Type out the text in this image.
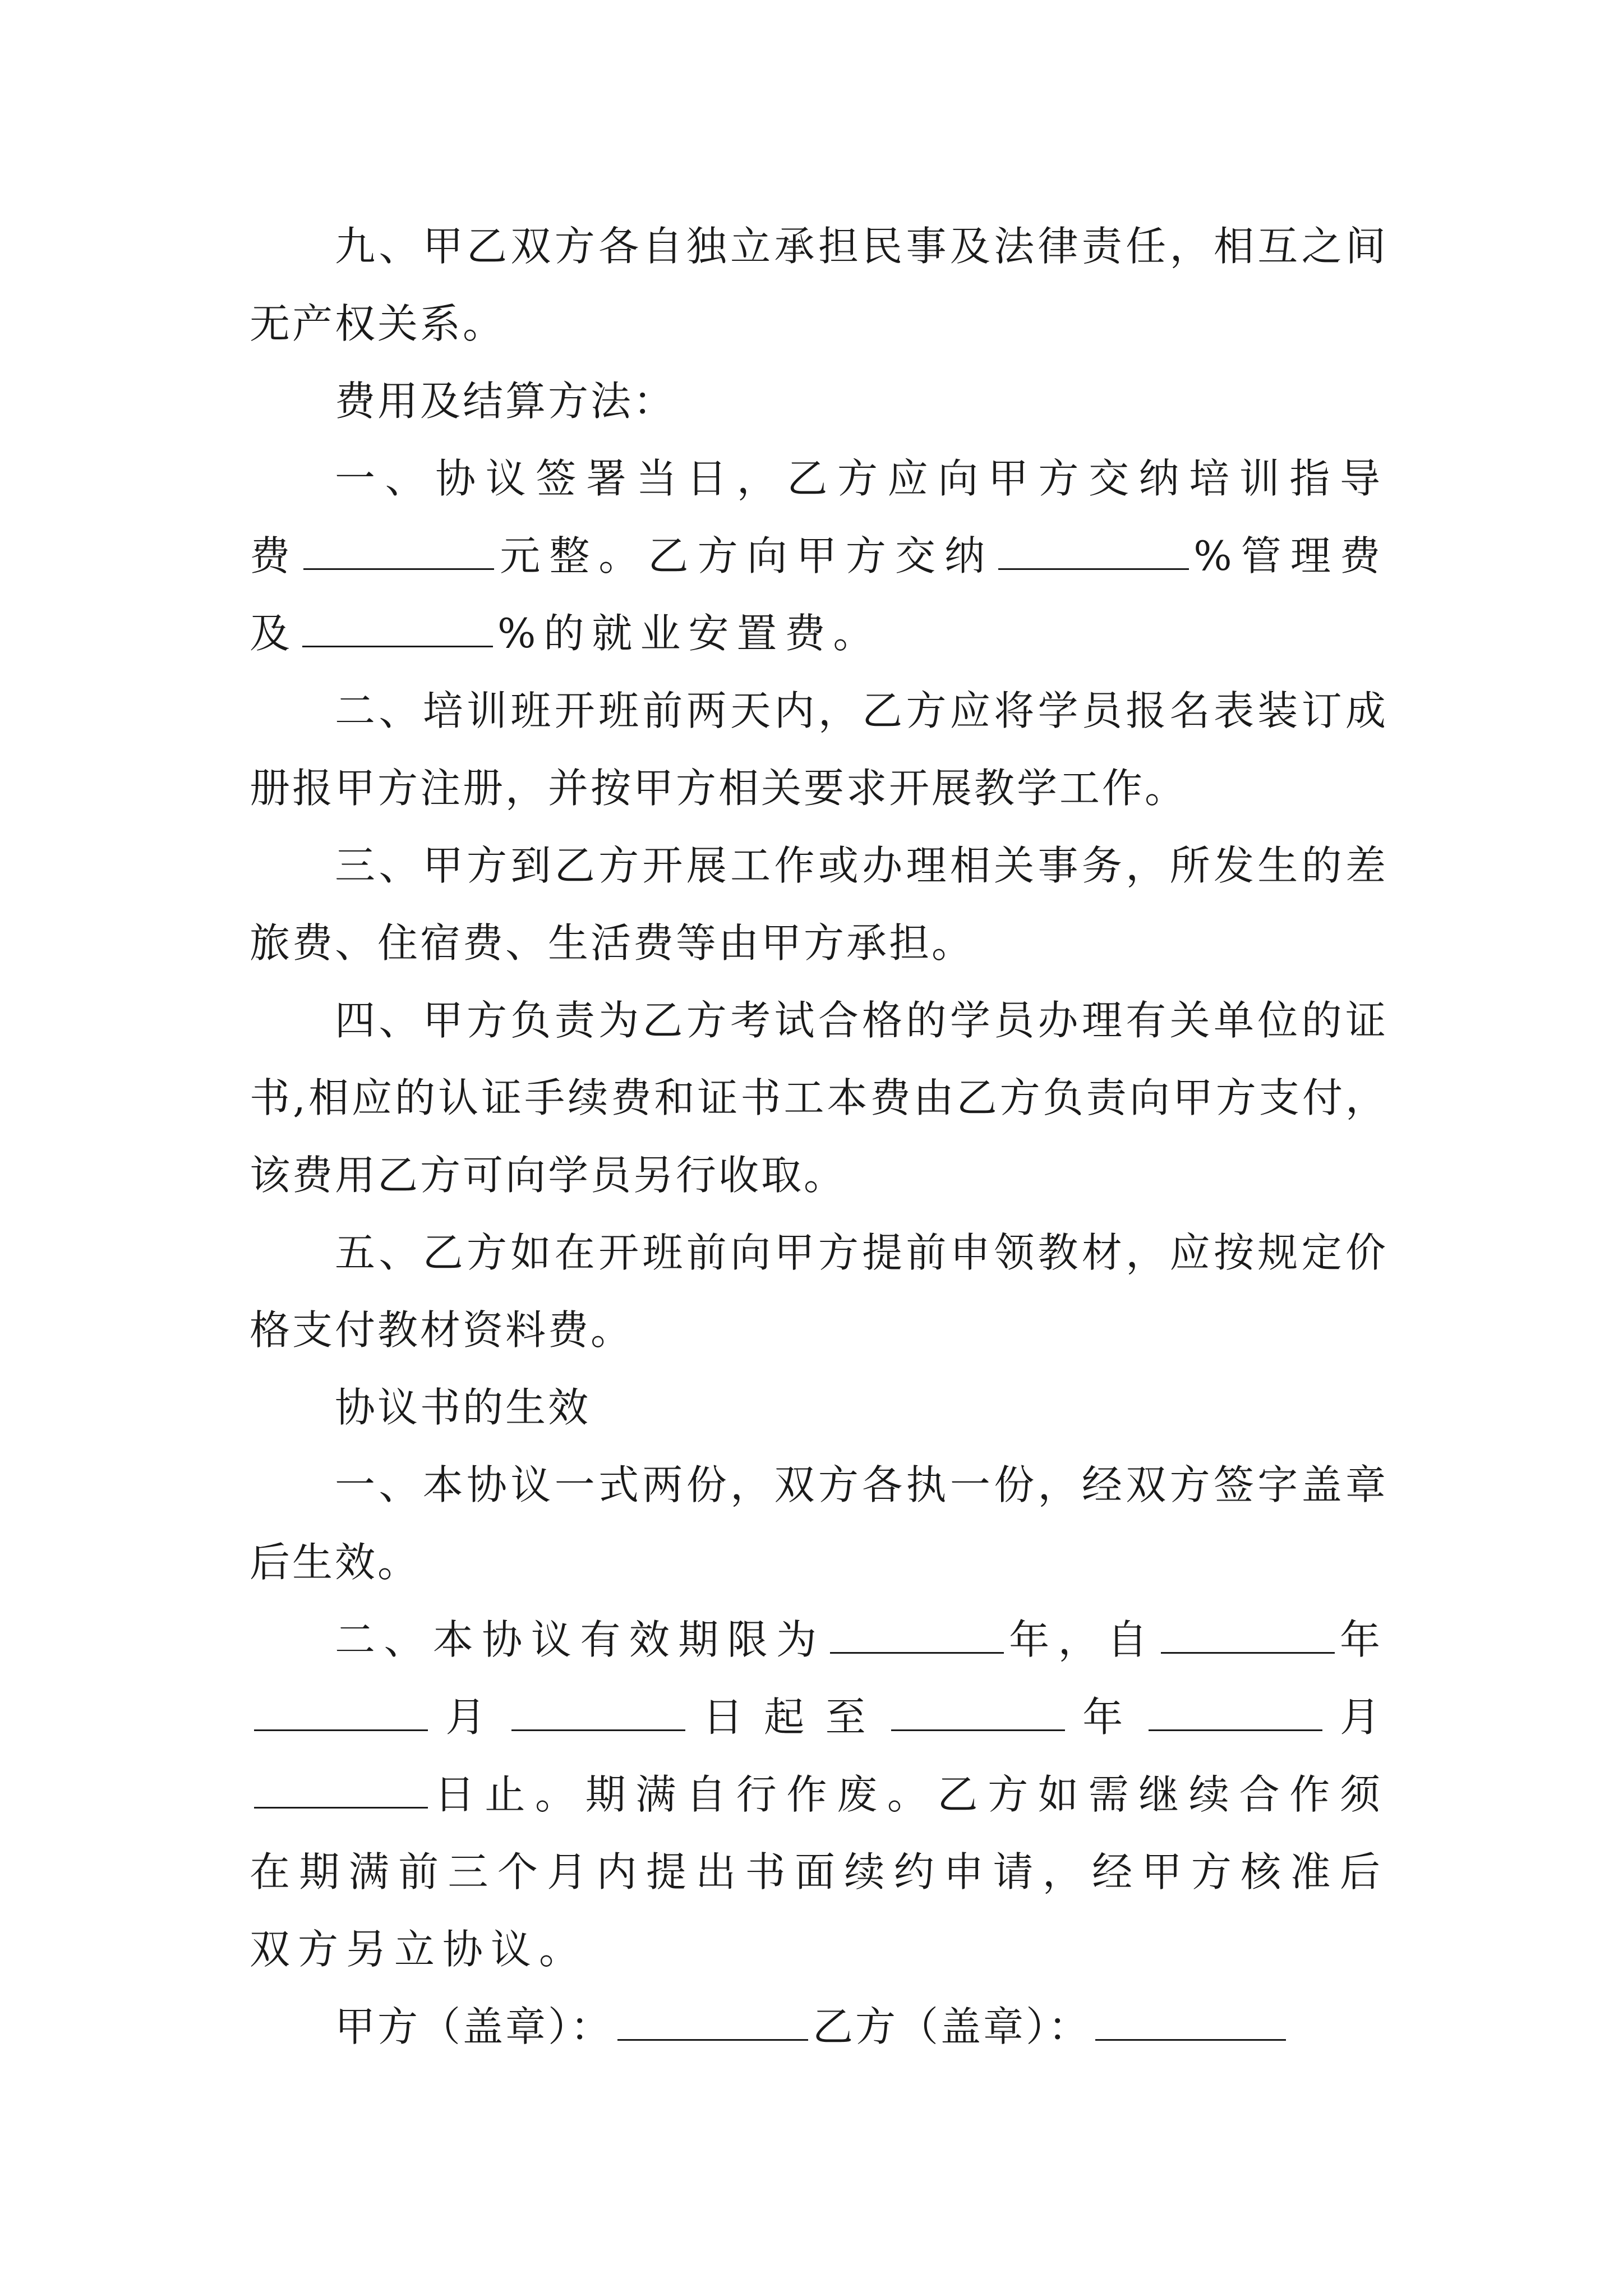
九、甲乙双方各自独立承担民事及法律责任，相互之间无产权关系。

费用及结算方法：

一、协议签署当日，乙方应向甲方交纳培训指导费	元整。乙方向甲方交纳	%管理费及	%的就业安置费。

二、培训班开班前两天内，乙方应将学员报名表装订成册报甲方注册，并按甲方相关要求开展教学工作。

三、甲方到乙方开展工作或办理相关事务，所发生的差旅费、住宿费、生活费等由甲方承担。

四、甲方负责为乙方考试合格的学员办理有关单位的证书,相应的认证手续费和证书工本费由乙方负责向甲方支付，该费用乙方可向学员另行收取。

五、乙方如在开班前向甲方提前申领教材，应按规定价格支付教材资料费。

协议书的生效

一、本协议一式两份，双方各执一份，经双方签字盖章后生效。

二、本协议有效期限为	年，自	年月	日起至	年	月日止。期满自行作废。乙方如需继续合作须在期满前三个月内提出书面续约申请，经甲方核准后双方另立协议。

甲方（盖章）：	乙方（盖章）：
